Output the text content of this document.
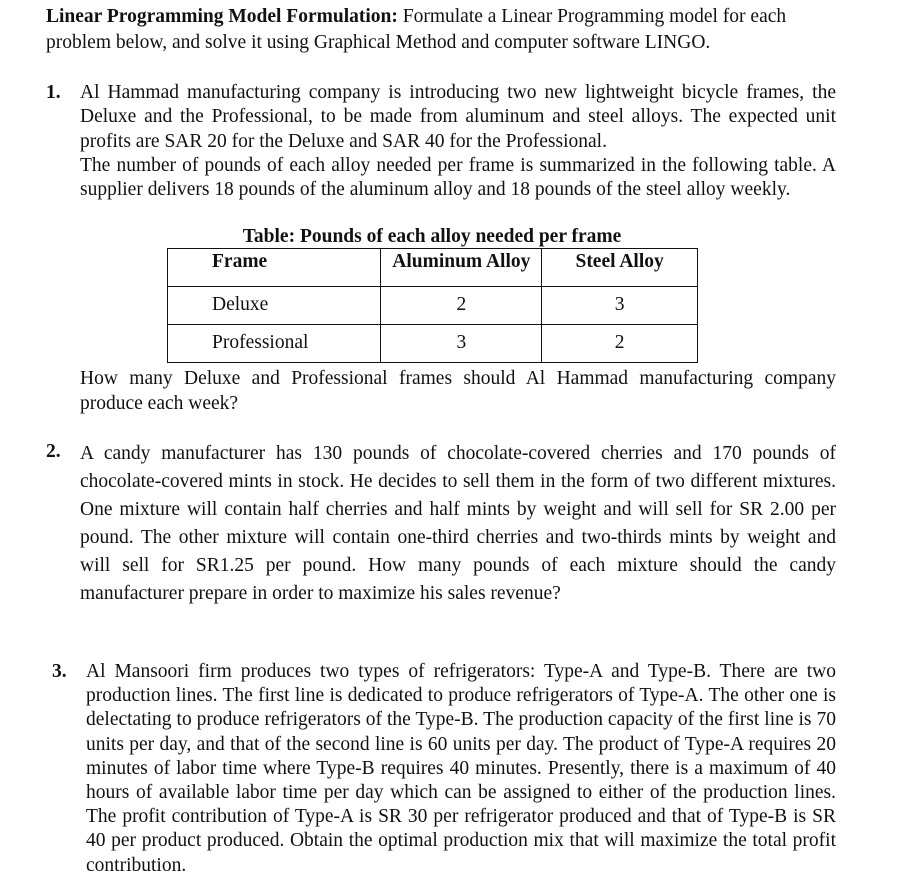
Linear Programming Model Formulation: Formulate a Linear Programming model for each problem below, and solve it using Graphical Method and computer software LINGO.
1. Al Hammad manufacturing company is introducing two new lightweight bicycle frames, the Deluxe and the Professional, to be made from aluminum and steel alloys. The expected unit profits are SAR 20 for the Deluxe and SAR 40 for the Professional.

The number of pounds of each alloy needed per frame is summarized in the following table. A supplier delivers 18 pounds of the aluminum alloy and 18 pounds of the steel alloy weekly.

Table: Pounds of each alloy needed per frame
Frame	Aluminum Alloy	Steel Alloy
Deluxe	2	3
Professional	3	2
How many Deluxe and Professional frames should Al Hammad manufacturing company produce each week?
2. A candy manufacturer has 130 pounds of chocolate-covered cherries and 170 pounds of chocolate-covered mints in stock. He decides to sell them in the form of two different mixtures. One mixture will contain half cherries and half mints by weight and will sell for SR 2.00 per pound. The other mixture will contain one-third cherries and two-thirds mints by weight and will sell for SR1.25 per pound. How many pounds of each mixture should the candy manufacturer prepare in order to maximize his sales revenue?
3. Al Mansoori firm produces two types of refrigerators: Type-A and Type-B. There are two production lines. The first line is dedicated to produce refrigerators of Type-A. The other one is delectating to produce refrigerators of the Type-B. The production capacity of the first line is 70 units per day, and that of the second line is 60 units per day. The product of Type-A requires 20 minutes of labor time where Type-B requires 40 minutes. Presently, there is a maximum of 40 hours of available labor time per day which can be assigned to either of the production lines. The profit contribution of Type-A is SR 30 per refrigerator produced and that of Type-B is SR 40 per product produced. Obtain the optimal production mix that will maximize the total profit contribution.
